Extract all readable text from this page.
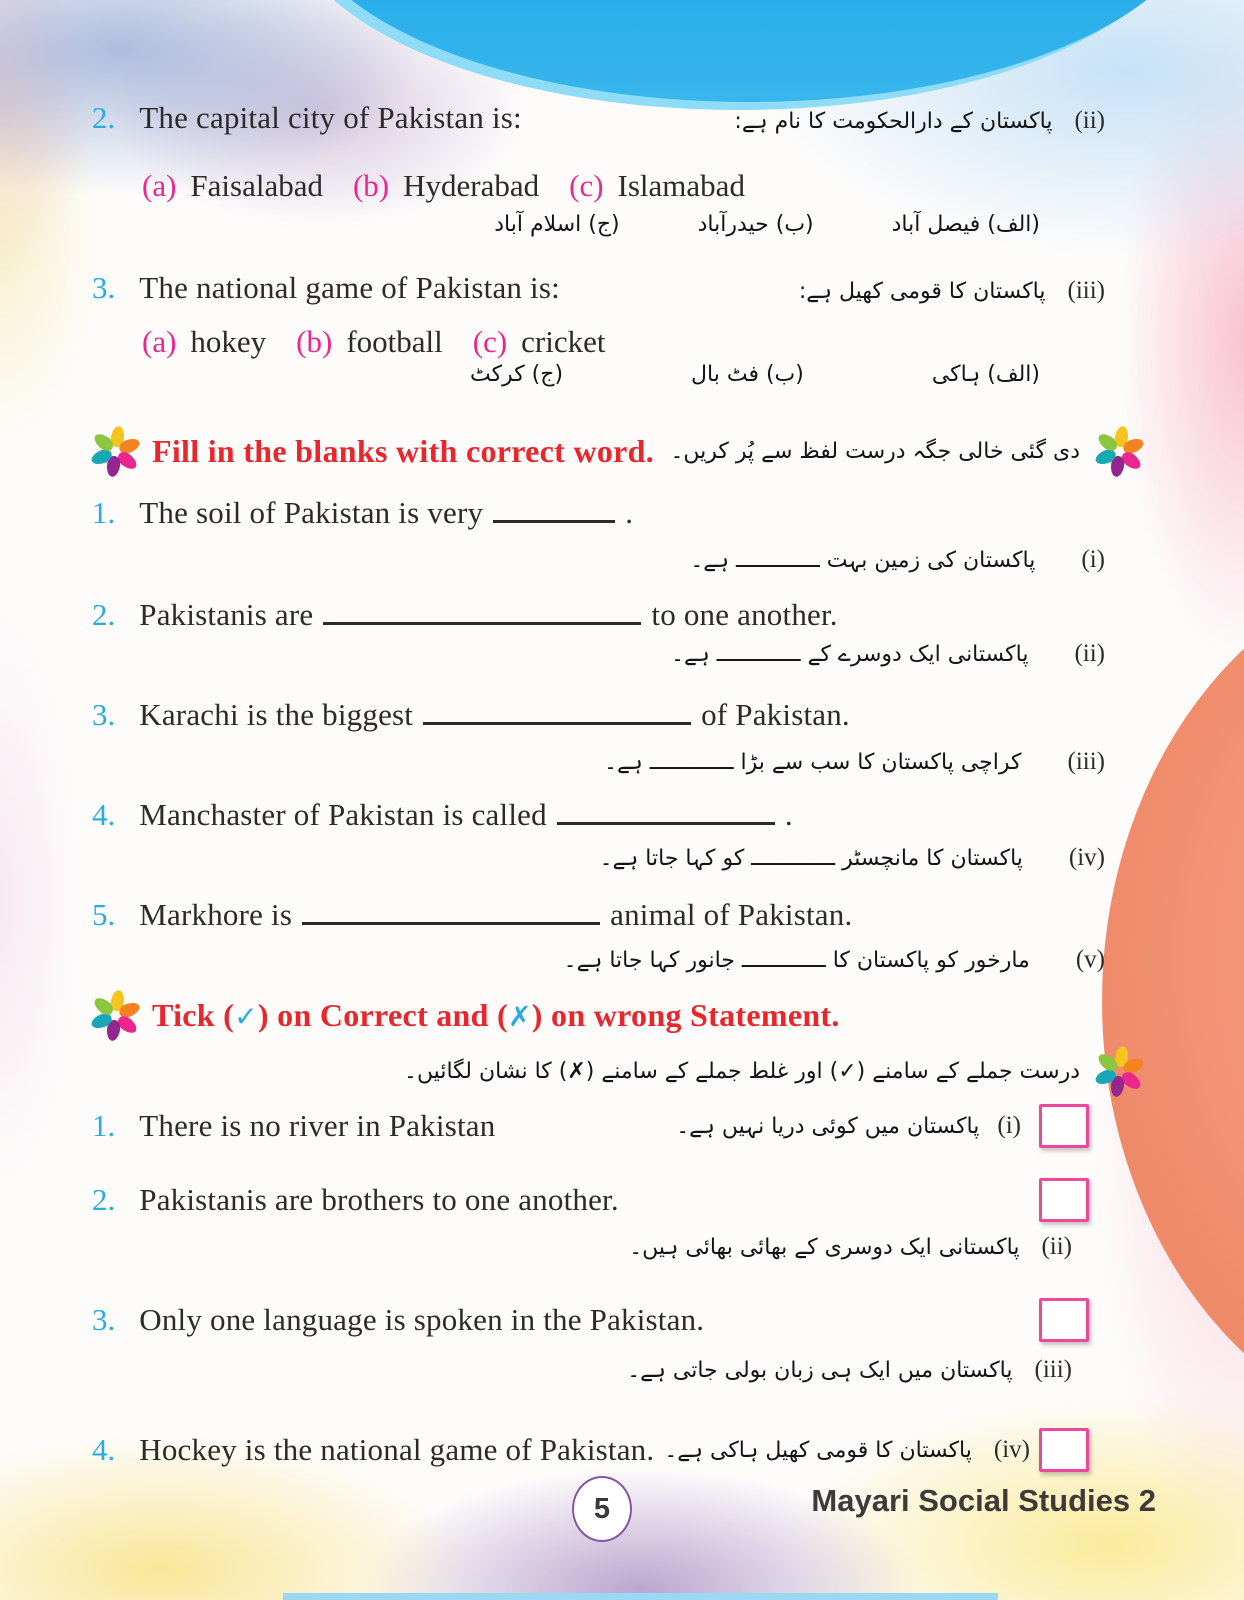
2. The capital city of Pakistan is:	پاکستان کے دارالحکومت کا نام ہے: (ii)
(a) Faisalabad (b) Hyderabad (c) Islamabad
(الف) فیصل آباد
(ب) حیدرآباد
(ج) اسلام آباد
3. The national game of Pakistan is:	پاکستان کا قومی کھیل ہے: (iii)
(a) hokey (b) football (c) cricket
(الف) ہاکی
(ب) فٹ بال
(ج) کرکٹ
Fill in the blanks with correct word. دی گئی خالی جگہ درست لفظ سے پُر کریں۔
1. The soil of Pakistan is very	.
پاکستان کی زمین بہت ـــــــــــــ ہے۔ (i)
2. Pakistanis are	to one another.
پاکستانی ایک دوسرے کے ـــــــــــــ ہے۔ (ii)
3. Karachi is the biggest	of Pakistan.
کراچی پاکستان کا سب سے بڑا ـــــــــــــ ہے۔ (iii)
4. Manchaster of Pakistan is called	.
پاکستان کا مانچسٹر ـــــــــــــ کو کہا جاتا ہے۔ (iv)
5. Markhore is	animal of Pakistan.
مارخور کو پاکستان کا ـــــــــــــ جانور کہا جاتا ہے۔ (v)
Tick (✓) on Correct and (✗) on wrong Statement.
درست جملے کے سامنے (✓) اور غلط جملے کے سامنے (✗) کا نشان لگائیں۔
1. There is no river in Pakistan	پاکستان میں کوئی دریا نہیں ہے۔ (i)
2. Pakistanis are brothers to one another.
پاکستانی ایک دوسری کے بھائی بھائی ہیں۔ (ii)
3. Only one language is spoken in the Pakistan.
پاکستان میں ایک ہی زبان بولی جاتی ہے۔ (iii)
4. Hockey is the national game of Pakistan. پاکستان کا قومی کھیل ہاکی ہے۔ (iv)
5	Mayari Social Studies 2
